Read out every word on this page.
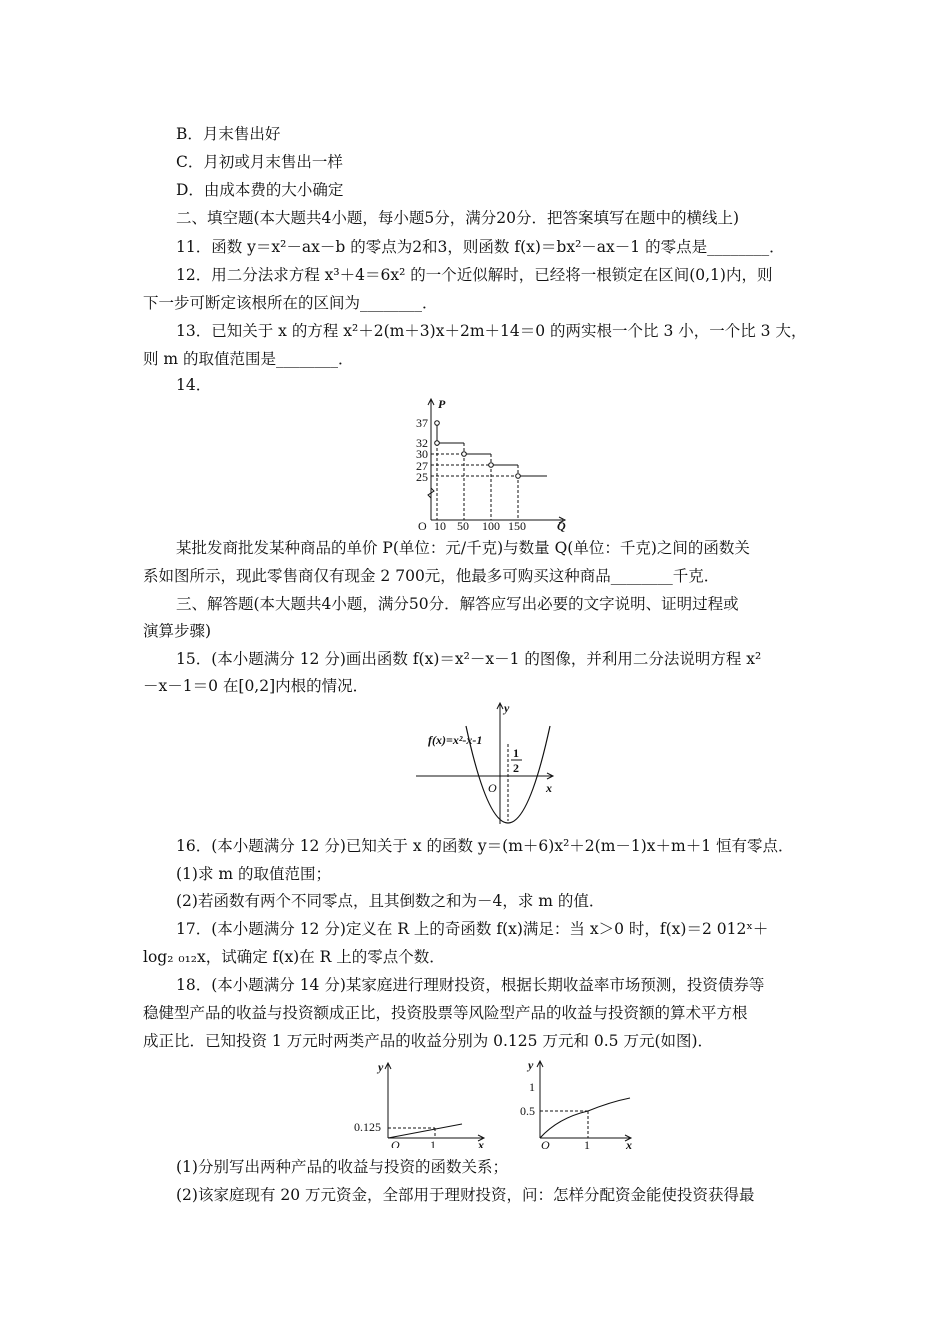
B．月末售出好
C．月初或月末售出一样
D．由成本费的大小确定
二、填空题(本大题共4小题，每小题5分，满分20分．把答案填写在题中的横线上)
11．函数 y＝x²－ax－b 的零点为2和3，则函数 f(x)＝bx²－ax－1 的零点是________．
12．用二分法求方程 x³＋4＝6x² 的一个近似解时，已经将一根锁定在区间(0,1)内，则
下一步可断定该根所在的区间为________．
13．已知关于 x 的方程 x²＋2(m＋3)x＋2m＋14＝0 的两实根一个比 3 小，一个比 3 大，
则 m 的取值范围是________．
14．
P
Q
O
37
32
30
27
25
10 50 100 150
某批发商批发某种商品的单价 P(单位：元/千克)与数量 Q(单位：千克)之间的函数关
系如图所示，现此零售商仅有现金 2 700元，他最多可购买这种商品________千克．
三、解答题(本大题共4小题，满分50分．解答应写出必要的文字说明、证明过程或
演算步骤)
15．(本小题满分 12 分)画出函数 f(x)＝x²－x－1 的图像，并利用二分法说明方程 x²
－x－1＝0 在[0,2]内根的情况．
y
x
O
f(x)=x²-x-1
1
2
16．(本小题满分 12 分)已知关于 x 的函数 y＝(m＋6)x²＋2(m－1)x＋m＋1 恒有零点．
(1)求 m 的取值范围；
(2)若函数有两个不同零点，且其倒数之和为－4，求 m 的值．
17．(本小题满分 12 分)定义在 R 上的奇函数 f(x)满足：当 x＞0 时，f(x)＝2 012ˣ＋
log₂ ₀₁₂x，试确定 f(x)在 R 上的零点个数．
18．(本小题满分 14 分)某家庭进行理财投资，根据长期收益率市场预测，投资债券等
稳健型产品的收益与投资额成正比，投资股票等风险型产品的收益与投资额的算术平方根
成正比．已知投资 1 万元时两类产品的收益分别为 0.125 万元和 0.5 万元(如图)．
y
x
O
0.125
1
y
x
O
1
0.5
1
(1)分别写出两种产品的收益与投资的函数关系；
(2)该家庭现有 20 万元资金，全部用于理财投资，问：怎样分配资金能使投资获得最
